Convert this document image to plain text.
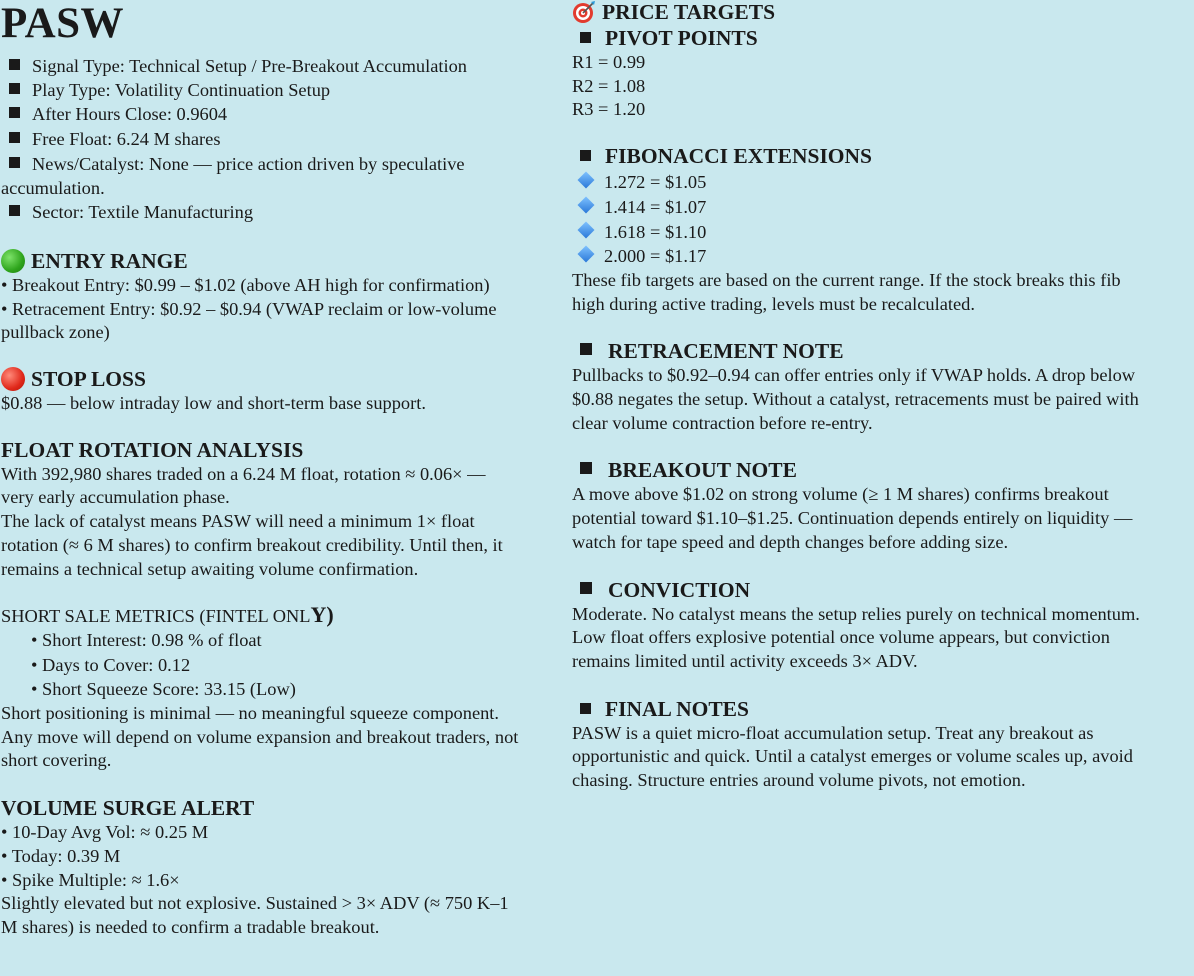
PASW
Signal Type: Technical Setup / Pre-Breakout Accumulation
Play Type: Volatility Continuation Setup
After Hours Close: 0.9604
Free Float: 6.24 M shares
News/Catalyst: None — price action driven by speculative
accumulation.
Sector: Textile Manufacturing
ENTRY RANGE
• Breakout Entry: $0.99 – $1.02 (above AH high for confirmation)
• Retracement Entry: $0.92 – $0.94 (VWAP reclaim or low-volume
pullback zone)
STOP LOSS
$0.88 — below intraday low and short-term base support.
FLOAT ROTATION ANALYSIS
With 392,980 shares traded on a 6.24 M float, rotation ≈ 0.06× —
very early accumulation phase.
The lack of catalyst means PASW will need a minimum 1× float
rotation (≈ 6 M shares) to confirm breakout credibility. Until then, it
remains a technical setup awaiting volume confirmation.
SHORT SALE METRICS (FINTEL ONLY)
• Short Interest: 0.98 % of float
• Days to Cover: 0.12
• Short Squeeze Score: 33.15 (Low)
Short positioning is minimal — no meaningful squeeze component.
Any move will depend on volume expansion and breakout traders, not
short covering.
VOLUME SURGE ALERT
• 10-Day Avg Vol: ≈ 0.25 M
• Today: 0.39 M
• Spike Multiple: ≈ 1.6×
Slightly elevated but not explosive. Sustained > 3× ADV (≈ 750 K–1
M shares) is needed to confirm a tradable breakout.
PRICE TARGETS
PIVOT POINTS
R1 = 0.99
R2 = 1.08
R3 = 1.20
FIBONACCI EXTENSIONS
1.272 = $1.05
1.414 = $1.07
1.618 = $1.10
2.000 = $1.17
These fib targets are based on the current range. If the stock breaks this fib
high during active trading, levels must be recalculated.
RETRACEMENT NOTE
Pullbacks to $0.92–0.94 can offer entries only if VWAP holds. A drop below
$0.88 negates the setup. Without a catalyst, retracements must be paired with
clear volume contraction before re-entry.
BREAKOUT NOTE
A move above $1.02 on strong volume (≥ 1 M shares) confirms breakout
potential toward $1.10–$1.25. Continuation depends entirely on liquidity —
watch for tape speed and depth changes before adding size.
CONVICTION
Moderate. No catalyst means the setup relies purely on technical momentum.
Low float offers explosive potential once volume appears, but conviction
remains limited until activity exceeds 3× ADV.
FINAL NOTES
PASW is a quiet micro-float accumulation setup. Treat any breakout as
opportunistic and quick. Until a catalyst emerges or volume scales up, avoid
chasing. Structure entries around volume pivots, not emotion.
